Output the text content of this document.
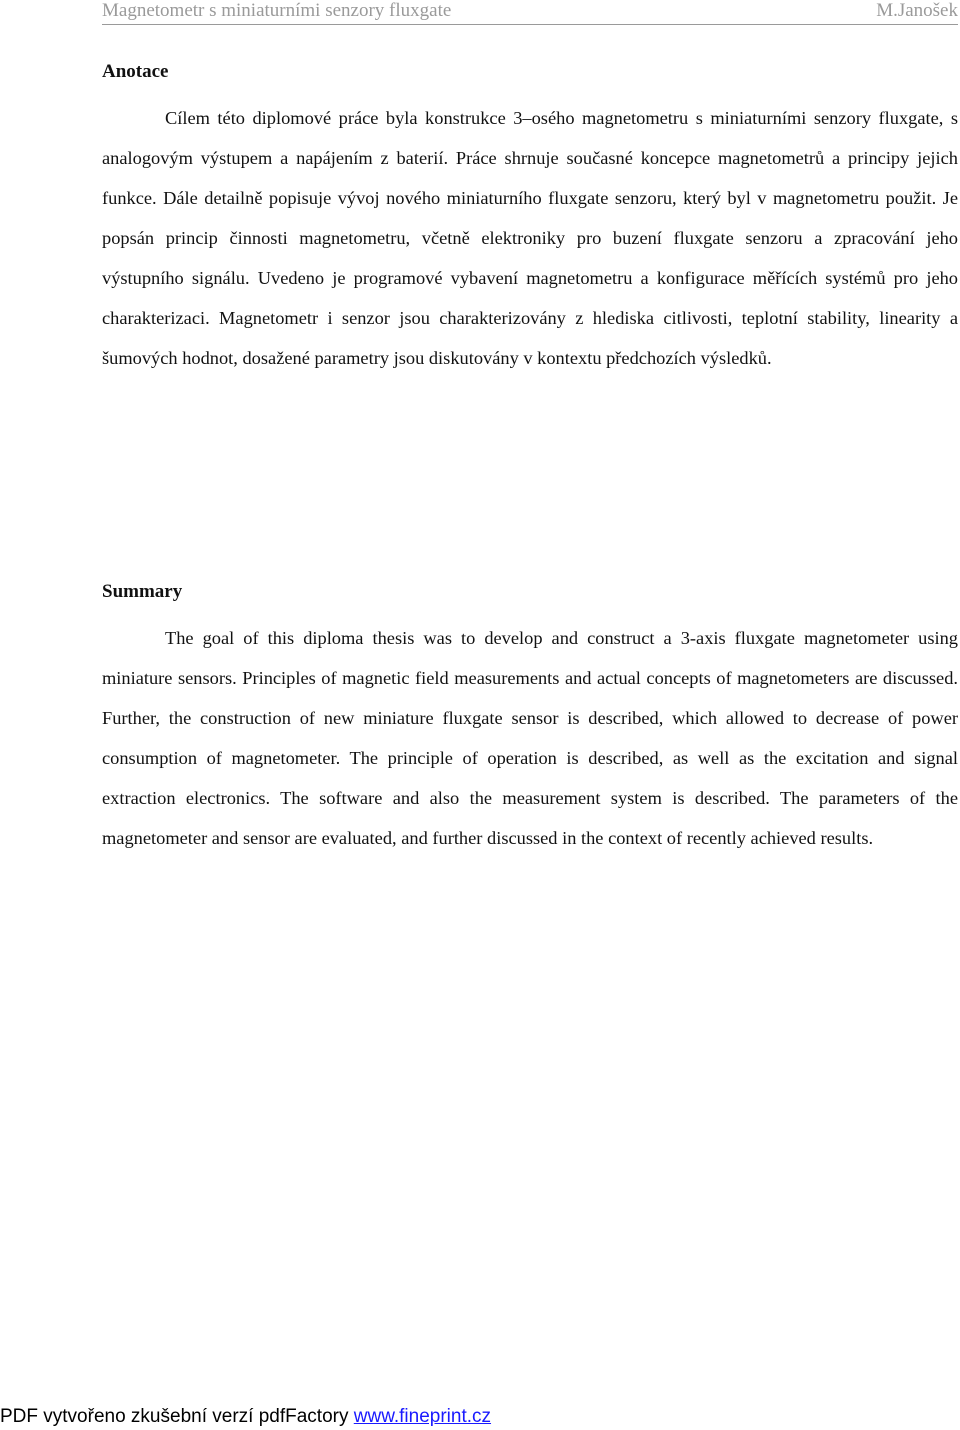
Magnetometr s miniaturními senzory fluxgate	M.Janošek
Anotace

Cílem této diplomové práce byla konstrukce 3–osého magnetometru s miniaturními senzory fluxgate, s analogovým výstupem a napájením z baterií. Práce shrnuje současné koncepce magnetometrů a principy jejich funkce. Dále detailně popisuje vývoj nového miniaturního fluxgate senzoru, který byl v magnetometru použit. Je popsán princip činnosti magnetometru, včetně elektroniky pro buzení fluxgate senzoru a zpracování jeho výstupního signálu. Uvedeno je programové vybavení magnetometru a konfigurace měřících systémů pro jeho charakterizaci. Magnetometr i senzor jsou charakterizovány z hlediska citlivosti, teplotní stability, linearity a šumových hodnot, dosažené parametry jsou diskutovány v kontextu předchozích výsledků.

Summary

The goal of this diploma thesis was to develop and construct a 3-axis fluxgate magnetometer using miniature sensors. Principles of magnetic field measurements and actual concepts of magnetometers are discussed. Further, the construction of new miniature fluxgate sensor is described, which allowed to decrease of power consumption of magnetometer. The principle of operation is described, as well as the excitation and signal extraction electronics. The software and also the measurement system is described. The parameters of the magnetometer and sensor are evaluated, and further discussed in the context of recently achieved results.

PDF vytvořeno zkušební verzí pdfFactory www.fineprint.cz
